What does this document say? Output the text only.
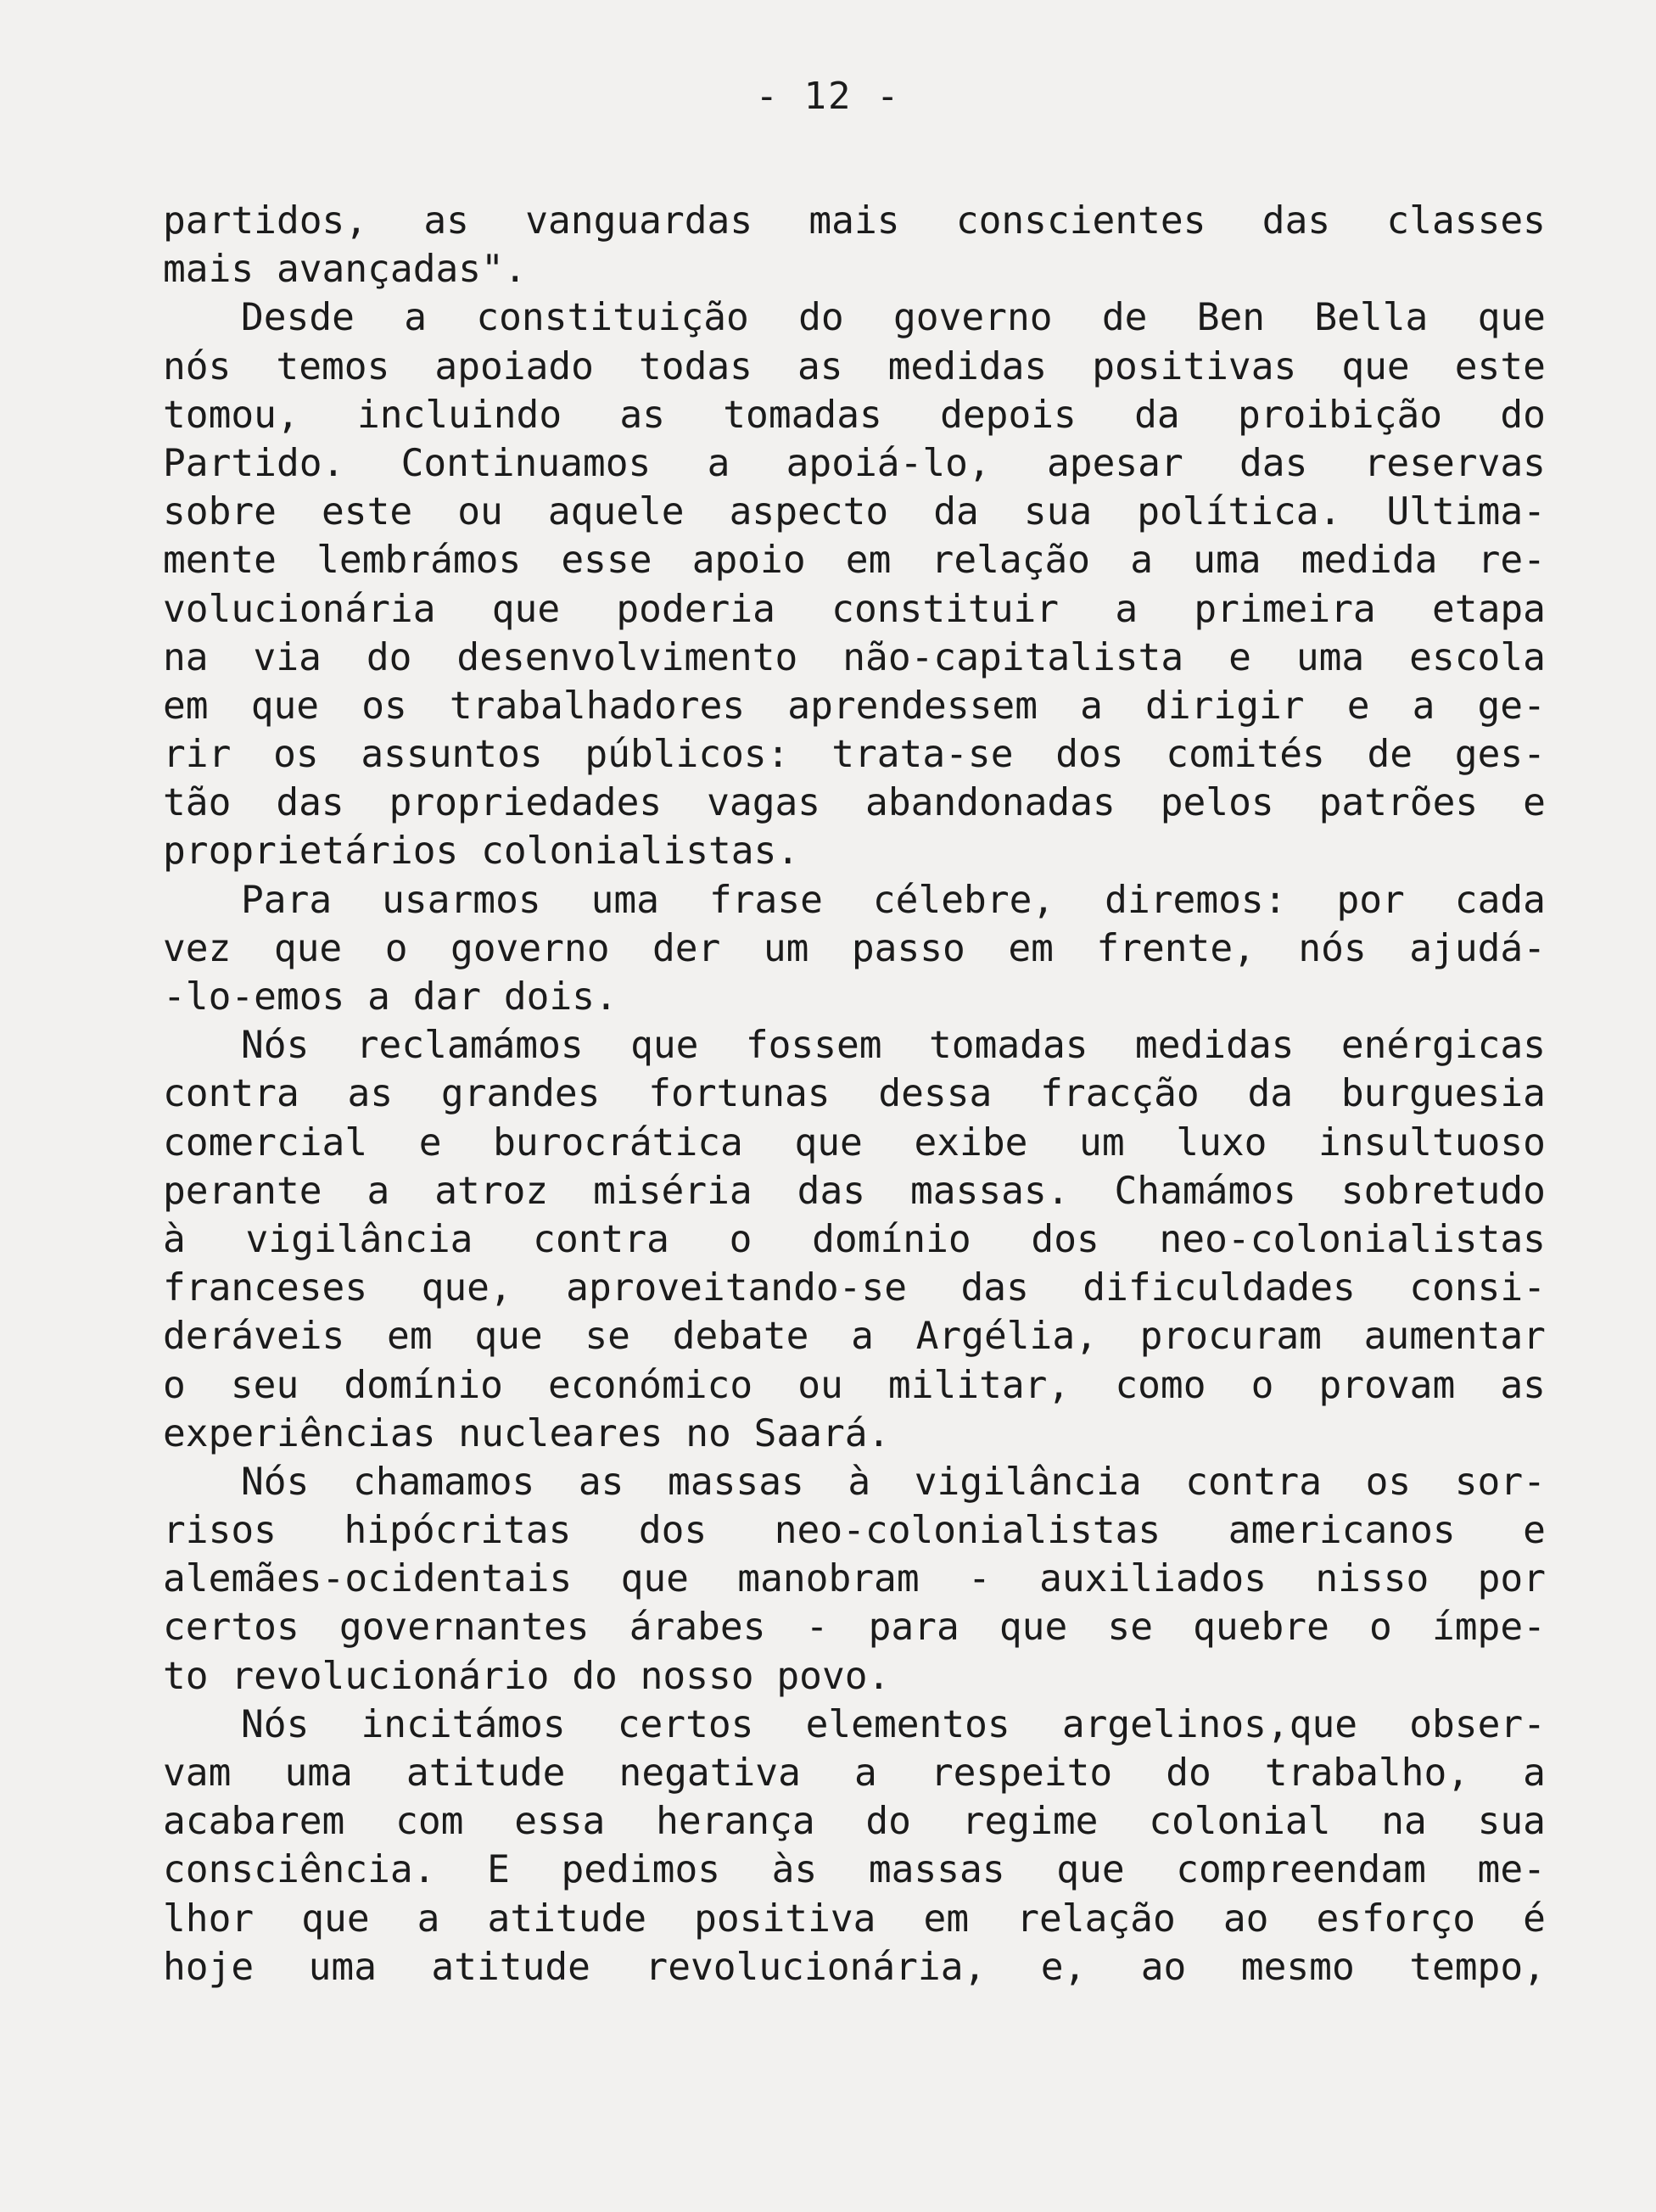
- 12 -
partidos, as vanguardas mais conscientes das classes
mais avançadas".
Desde a constituição do governo de Ben Bella que
nós temos apoiado todas as medidas positivas que este
tomou, incluindo as tomadas depois da proibição do
Partido. Continuamos a apoiá-lo, apesar das reservas
sobre este ou aquele aspecto da sua política. Ultima-
mente lembrámos esse apoio em relação a uma medida re-
volucionária que poderia constituir a primeira etapa
na via do desenvolvimento não-capitalista e uma escola
em que os trabalhadores aprendessem a dirigir e a ge-
rir os assuntos públicos: trata-se dos comités de ges-
tão das propriedades vagas abandonadas pelos patrões e
proprietários colonialistas.
Para usarmos uma frase célebre, diremos: por cada
vez que o governo der um passo em frente, nós ajudá-
-lo-emos a dar dois.
Nós reclamámos que fossem tomadas medidas enérgicas
contra as grandes fortunas dessa fracção da burguesia
comercial e burocrática que exibe um luxo insultuoso
perante a atroz miséria das massas. Chamámos sobretudo
à vigilância contra o domínio dos neo-colonialistas
franceses que, aproveitando-se das dificuldades consi-
deráveis em que se debate a Argélia, procuram aumentar
o seu domínio económico ou militar, como o provam as
experiências nucleares no Saará.
Nós chamamos as massas à vigilância contra os sor-
risos hipócritas dos neo-colonialistas americanos e
alemães-ocidentais que manobram - auxiliados nisso por
certos governantes árabes - para que se quebre o ímpe-
to revolucionário do nosso povo.
Nós incitámos certos elementos argelinos,que obser-
vam uma atitude negativa a respeito do trabalho, a
acabarem com essa herança do regime colonial na sua
consciência. E pedimos às massas que compreendam me-
lhor que a atitude positiva em relação ao esforço é
hoje uma atitude revolucionária, e, ao mesmo tempo,
